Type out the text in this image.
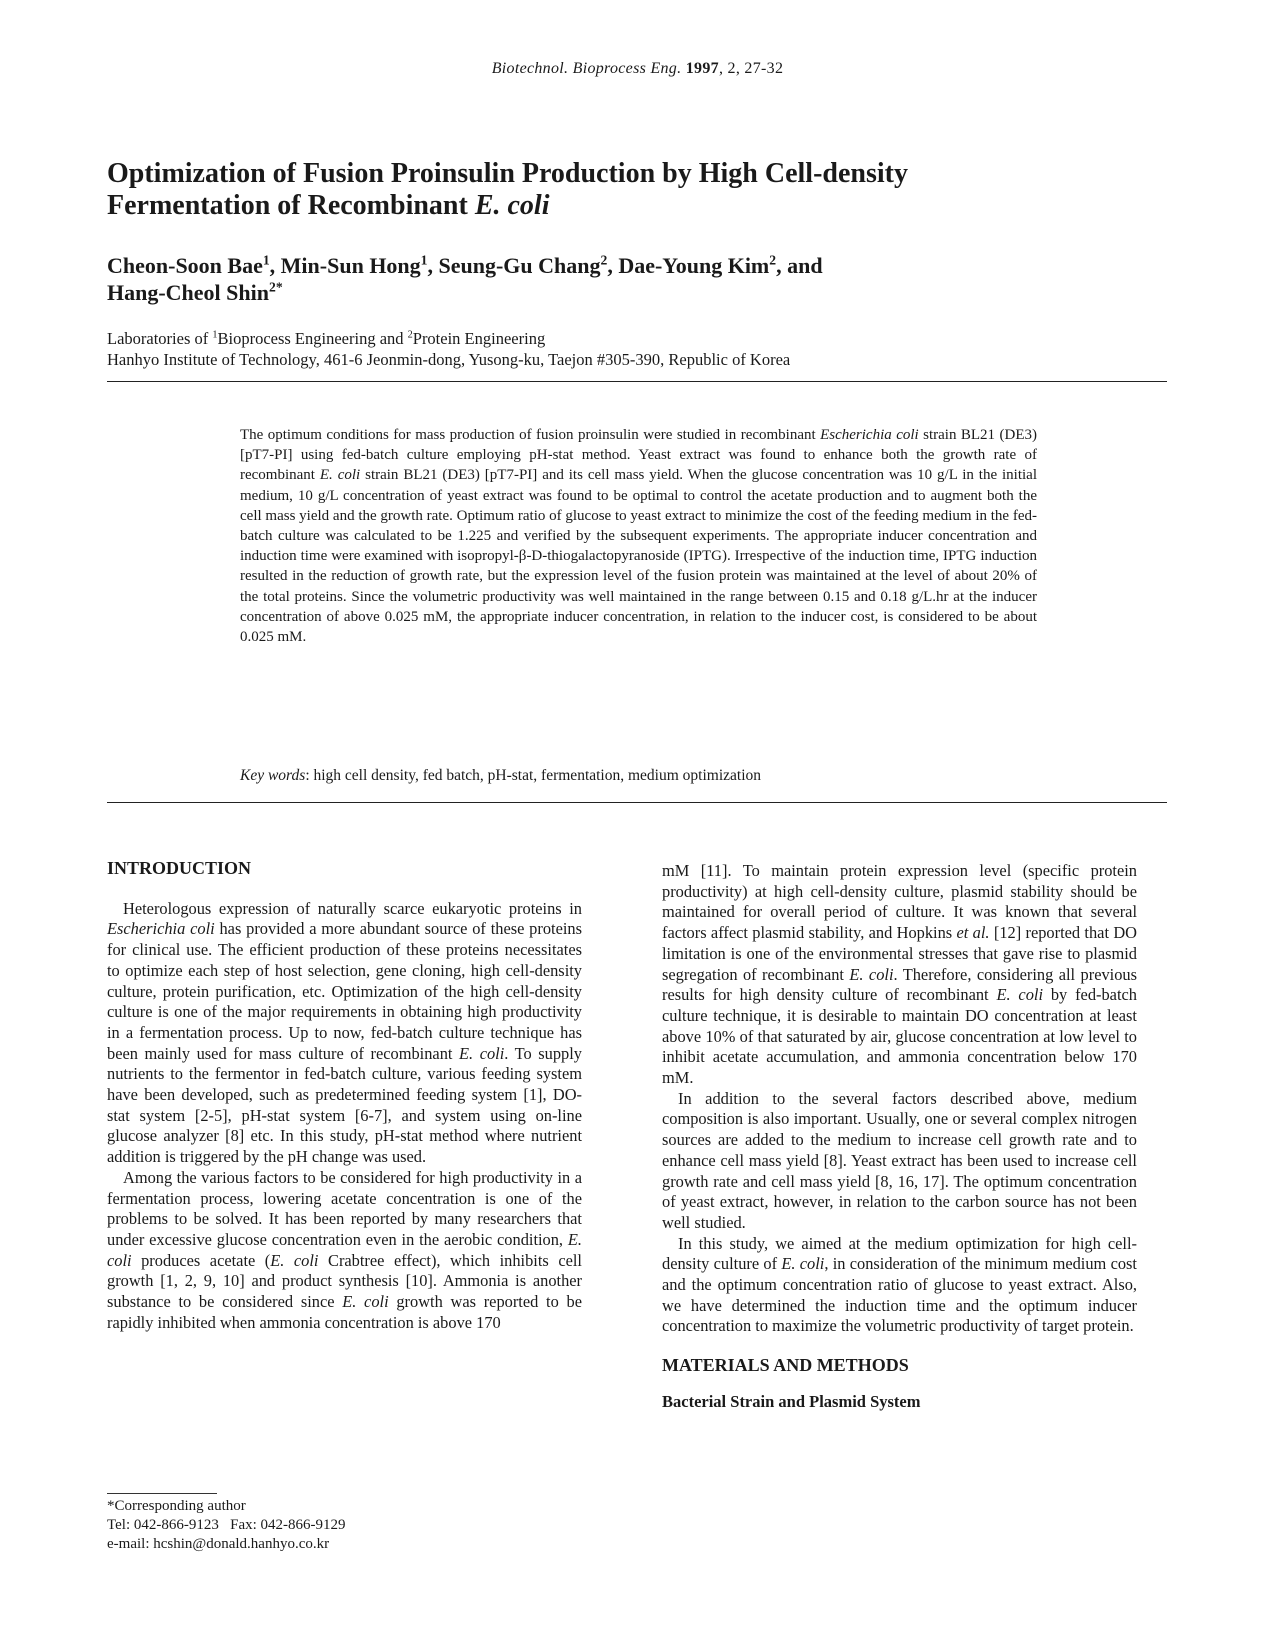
Biotechnol. Bioprocess Eng. 1997, 2, 27-32
Optimization of Fusion Proinsulin Production by High Cell-density
Fermentation of Recombinant E. coli
Cheon-Soon Bae$^1$, Min-Sun Hong$^1$, Seung-Gu Chang$^2$, Dae-Young Kim$^2$, and
Hang-Cheol Shin$^{2*}$
Laboratories of $^1$Bioprocess Engineering and $^2$Protein Engineering
Hanhyo Institute of Technology, 461-6 Jeonmin-dong, Yusong-ku, Taejon #305-390, Republic of Korea
The optimum conditions for mass production of fusion proinsulin were studied in recombinant Escherichia coli strain BL21 (DE3) [pT7-PI] using fed-batch culture employing pH-stat method. Yeast extract was found to enhance both the growth rate of recombinant E. coli strain BL21 (DE3) [pT7-PI] and its cell mass yield. When the glucose concentration was 10 g/L in the initial medium, 10 g/L concentration of yeast extract was found to be optimal to control the acetate production and to augment both the cell mass yield and the growth rate. Optimum ratio of glucose to yeast extract to minimize the cost of the feeding medium in the fed-batch culture was calculated to be 1.225 and verified by the subsequent experiments. The appropriate inducer concentration and induction time were examined with isopropyl-β-D-thiogalactopyranoside (IPTG). Irrespective of the induction time, IPTG induction resulted in the reduction of growth rate, but the expression level of the fusion protein was maintained at the level of about 20% of the total proteins. Since the volumetric productivity was well maintained in the range between 0.15 and 0.18 g/L.hr at the inducer concentration of above 0.025 mM, the appropriate inducer concentration, in relation to the inducer cost, is considered to be about 0.025 mM.
Key words: high cell density, fed batch, pH-stat, fermentation, medium optimization
INTRODUCTION

Heterologous expression of naturally scarce eukaryotic proteins in Escherichia coli has provided a more abundant source of these proteins for clinical use. The efficient production of these proteins necessitates to optimize each step of host selection, gene cloning, high cell-density culture, protein purification, etc. Optimization of the high cell-density culture is one of the major requirements in obtaining high productivity in a fermentation process. Up to now, fed-batch culture technique has been mainly used for mass culture of recombinant E. coli. To supply nutrients to the fermentor in fed-batch culture, various feeding system have been developed, such as predetermined feeding system [1], DO-stat system [2-5], pH-stat system [6-7], and system using on-line glucose analyzer [8] etc. In this study, pH-stat method where nutrient addition is triggered by the pH change was used.

Among the various factors to be considered for high productivity in a fermentation process, lowering acetate concentration is one of the problems to be solved. It has been reported by many researchers that under excessive glucose concentration even in the aerobic condition, E. coli produces acetate (E. coli Crabtree effect), which inhibits cell growth [1, 2, 9, 10] and product synthesis [10]. Ammonia is another substance to be considered since E. coli growth was reported to be rapidly inhibited when ammonia concentration is above 170

mM [11]. To maintain protein expression level (specific protein productivity) at high cell-density culture, plasmid stability should be maintained for overall period of culture. It was known that several factors affect plasmid stability, and Hopkins et al. [12] reported that DO limitation is one of the environmental stresses that gave rise to plasmid segregation of recombinant E. coli. Therefore, considering all previous results for high density culture of recombinant E. coli by fed-batch culture technique, it is desirable to maintain DO concentration at least above 10% of that saturated by air, glucose concentration at low level to inhibit acetate accumulation, and ammonia concentration below 170 mM.

In addition to the several factors described above, medium composition is also important. Usually, one or several complex nitrogen sources are added to the medium to increase cell growth rate and to enhance cell mass yield [8]. Yeast extract has been used to increase cell growth rate and cell mass yield [8, 16, 17]. The optimum concentration of yeast extract, however, in relation to the carbon source has not been well studied.

In this study, we aimed at the medium optimization for high cell-density culture of E. coli, in consideration of the minimum medium cost and the optimum concentration ratio of glucose to yeast extract. Also, we have determined the induction time and the optimum inducer concentration to maximize the volumetric productivity of target protein.

MATERIALS AND METHODS
Bacterial Strain and Plasmid System
*Corresponding author
Tel: 042-866-9123 Fax: 042-866-9129
e-mail: hcshin@donald.hanhyo.co.kr
